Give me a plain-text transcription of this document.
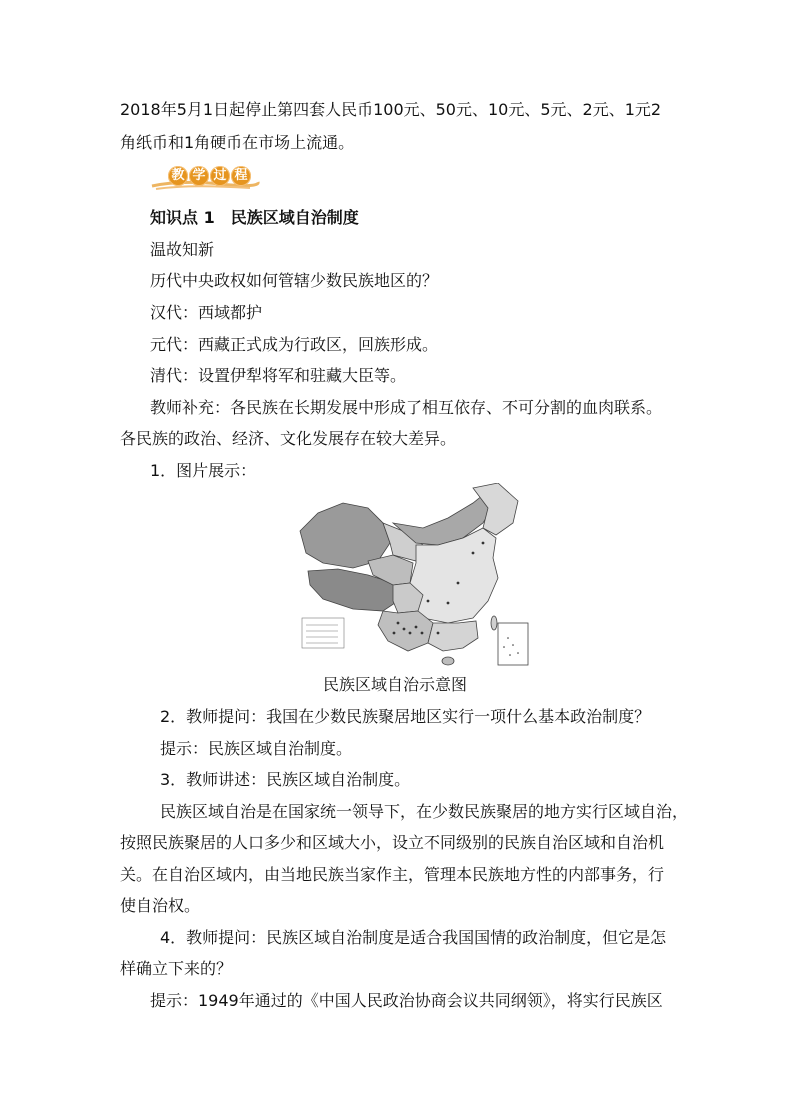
2018年5月1日起停止第四套人民币100元、50元、10元、5元、2元、1元2
角纸币和1角硬币在市场上流通。
教 学 过 程
知识点 1　民族区域自治制度
温故知新
历代中央政权如何管辖少数民族地区的？
汉代：西域都护
元代：西藏正式成为行政区，回族形成。
清代：设置伊犁将军和驻藏大臣等。
教师补充：各民族在长期发展中形成了相互依存、不可分割的血肉联系。
各民族的政治、经济、文化发展存在较大差异。
1．图片展示：
民族区域自治示意图
2．教师提问：我国在少数民族聚居地区实行一项什么基本政治制度？
提示：民族区域自治制度。
3．教师讲述：民族区域自治制度。
民族区域自治是在国家统一领导下，在少数民族聚居的地方实行区域自治，
按照民族聚居的人口多少和区域大小，设立不同级别的民族自治区域和自治机
关。在自治区域内，由当地民族当家作主，管理本民族地方性的内部事务，行
使自治权。
4．教师提问：民族区域自治制度是适合我国国情的政治制度，但它是怎
样确立下来的？
提示：1949年通过的《中国人民政治协商会议共同纲领》，将实行民族区
